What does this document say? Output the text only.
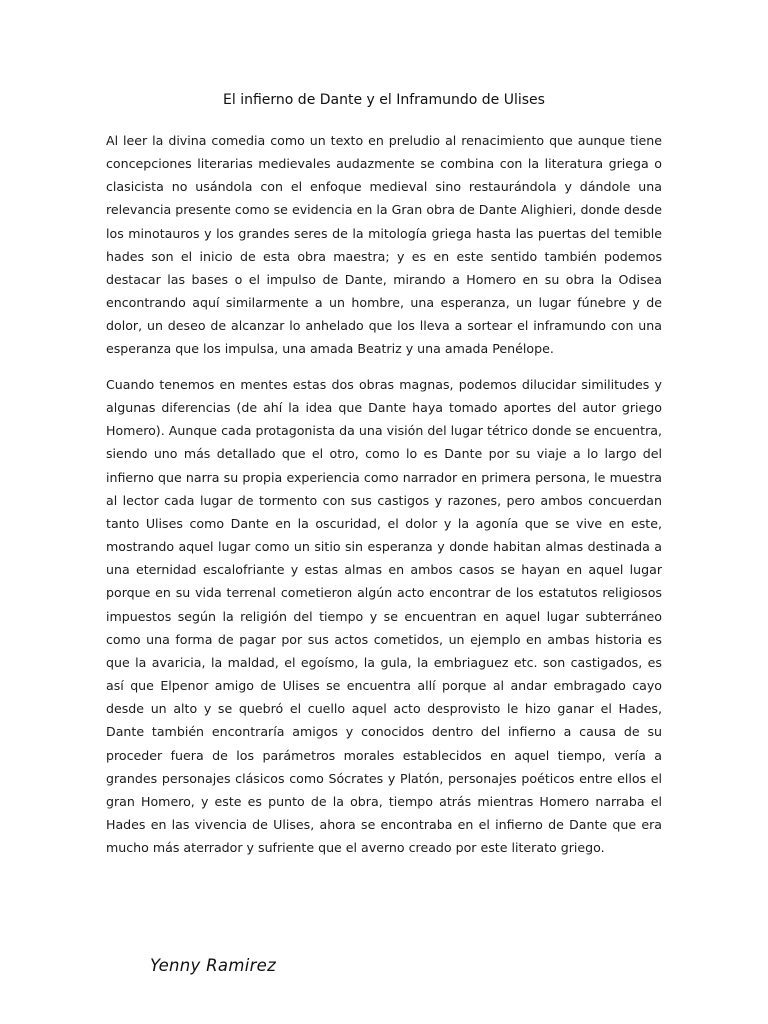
El infierno de Dante y el Inframundo de Ulises

Al leer la divina comedia como un texto en preludio al renacimiento que aunque tiene concepciones literarias medievales audazmente se combina con la literatura griega o clasicista no usándola con el enfoque medieval sino restaurándola y dándole una relevancia presente como se evidencia en la Gran obra de Dante Alighieri, donde desde los minotauros y los grandes seres de la mitología griega hasta las puertas del temible hades son el inicio de esta obra maestra; y es en este sentido también podemos destacar las bases o el impulso de Dante, mirando a Homero en su obra la Odisea encontrando aquí similarmente a un hombre, una esperanza, un lugar fúnebre y de dolor, un deseo de alcanzar lo anhelado que los lleva a sortear el inframundo con una esperanza que los impulsa, una amada Beatriz y una amada Penélope.

Cuando tenemos en mentes estas dos obras magnas, podemos dilucidar similitudes y algunas diferencias (de ahí la idea que Dante haya tomado aportes del autor griego Homero). Aunque cada protagonista da una visión del lugar tétrico donde se encuentra, siendo uno más detallado que el otro, como lo es Dante por su viaje a lo largo del infierno que narra su propia experiencia como narrador en primera persona, le muestra al lector cada lugar de tormento con sus castigos y razones, pero ambos concuerdan tanto Ulises como Dante en la oscuridad, el dolor y la agonía que se vive en este, mostrando aquel lugar como un sitio sin esperanza y donde habitan almas destinada a una eternidad escalofriante y estas almas en ambos casos se hayan en aquel lugar porque en su vida terrenal cometieron algún acto encontrar de los estatutos religiosos impuestos según la religión del tiempo y se encuentran en aquel lugar subterráneo como una forma de pagar por sus actos cometidos, un ejemplo en ambas historia es que la avaricia, la maldad, el egoísmo, la gula, la embriaguez etc. son castigados, es así que Elpenor amigo de Ulises se encuentra allí porque al andar embragado cayo desde un alto y se quebró el cuello aquel acto desprovisto le hizo ganar el Hades, Dante también encontraría amigos y conocidos dentro del infierno a causa de su proceder fuera de los parámetros morales establecidos en aquel tiempo, vería a grandes personajes clásicos como Sócrates y Platón, personajes poéticos entre ellos el gran Homero, y este es punto de la obra, tiempo atrás mientras Homero narraba el Hades en las vivencia de Ulises, ahora se encontraba en el infierno de Dante que era mucho más aterrador y sufriente que el averno creado por este literato griego.

Yenny Ramirez
